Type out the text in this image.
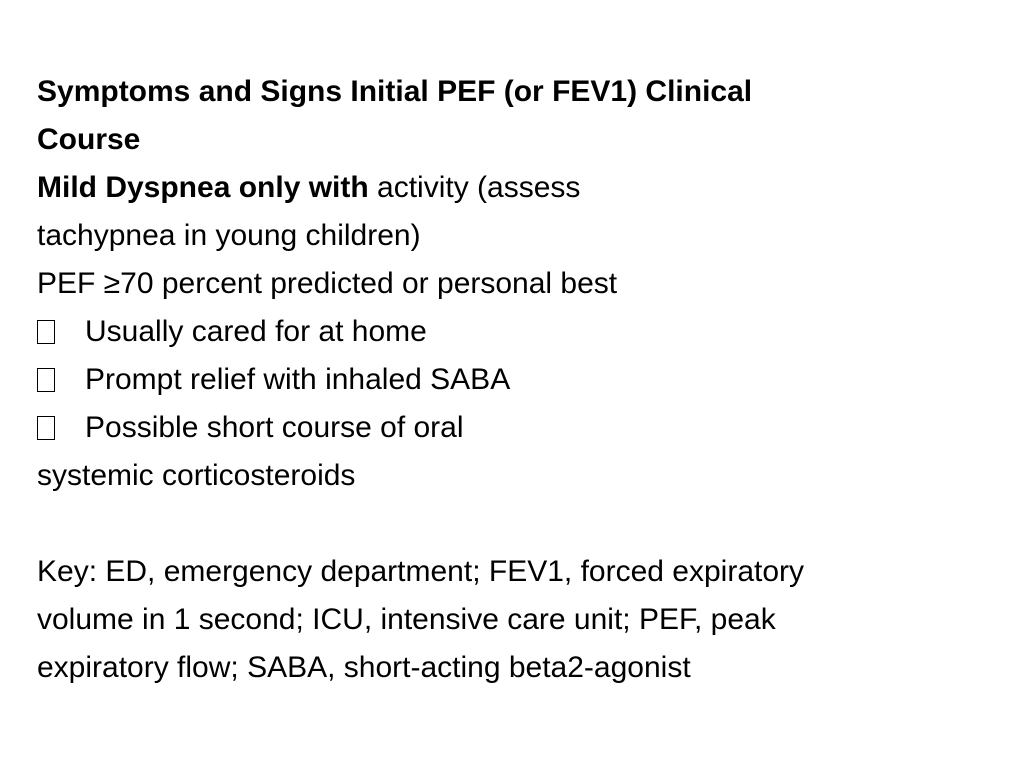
Symptoms and Signs Initial PEF (or FEV1) Clinical
Course
Mild Dyspnea only with activity (assess
tachypnea in young children)
PEF ≥70 percent predicted or personal best
Usually cared for at home
Prompt relief with inhaled SABA
Possible short course of oral
systemic corticosteroids
Key: ED, emergency department; FEV1, forced expiratory
volume in 1 second; ICU, intensive care unit; PEF, peak
expiratory flow; SABA, short-acting beta2-agonist
